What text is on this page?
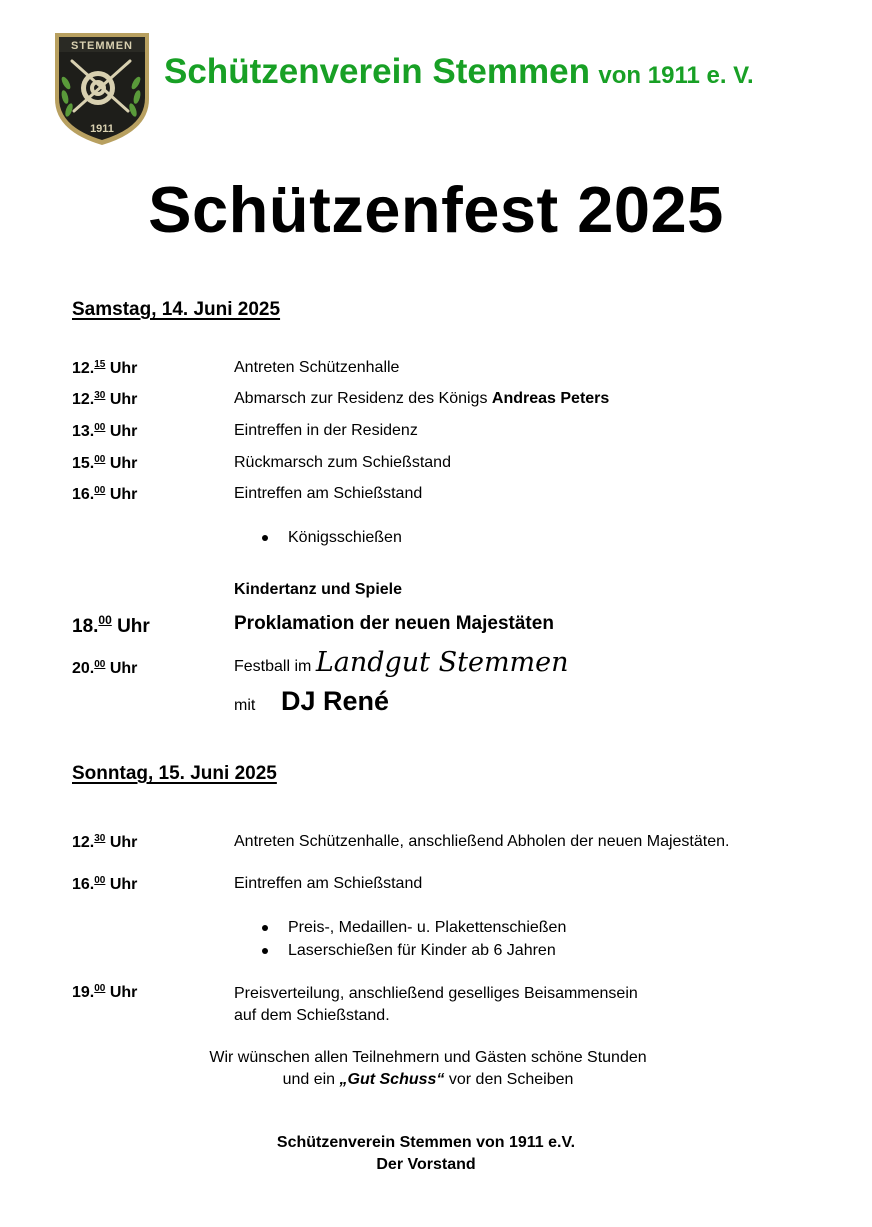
STEMMEN
1911
Schützenverein Stemmen von 1911 e. V.
Schützenfest 2025
Samstag, 14. Juni 2025
12.15 Uhr	Antreten Schützenhalle
12.30 Uhr	Abmarsch zur Residenz des Königs Andreas Peters
13.00 Uhr	Eintreffen in der Residenz
15.00 Uhr	Rückmarsch zum Schießstand
16.00 Uhr	Eintreffen am Schießstand
Königsschießen
Kindertanz und Spiele
18.00 Uhr	Proklamation der neuen Majestäten
20.00 Uhr	Festball im Landgut Stemmen
mit DJ René
Sonntag, 15. Juni 2025
12.30 Uhr	Antreten Schützenhalle, anschließend Abholen der neuen Majestäten.
16.00 Uhr	Eintreffen am Schießstand
Preis-, Medaillen- u. Plakettenschießen
Laserschießen für Kinder ab 6 Jahren
19.00 Uhr	Preisverteilung, anschließend geselliges Beisammensein
auf dem Schießstand.
Wir wünschen allen Teilnehmern und Gästen schöne Stunden
und ein „Gut Schuss“ vor den Scheiben
Schützenverein Stemmen von 1911 e.V.
Der Vorstand
